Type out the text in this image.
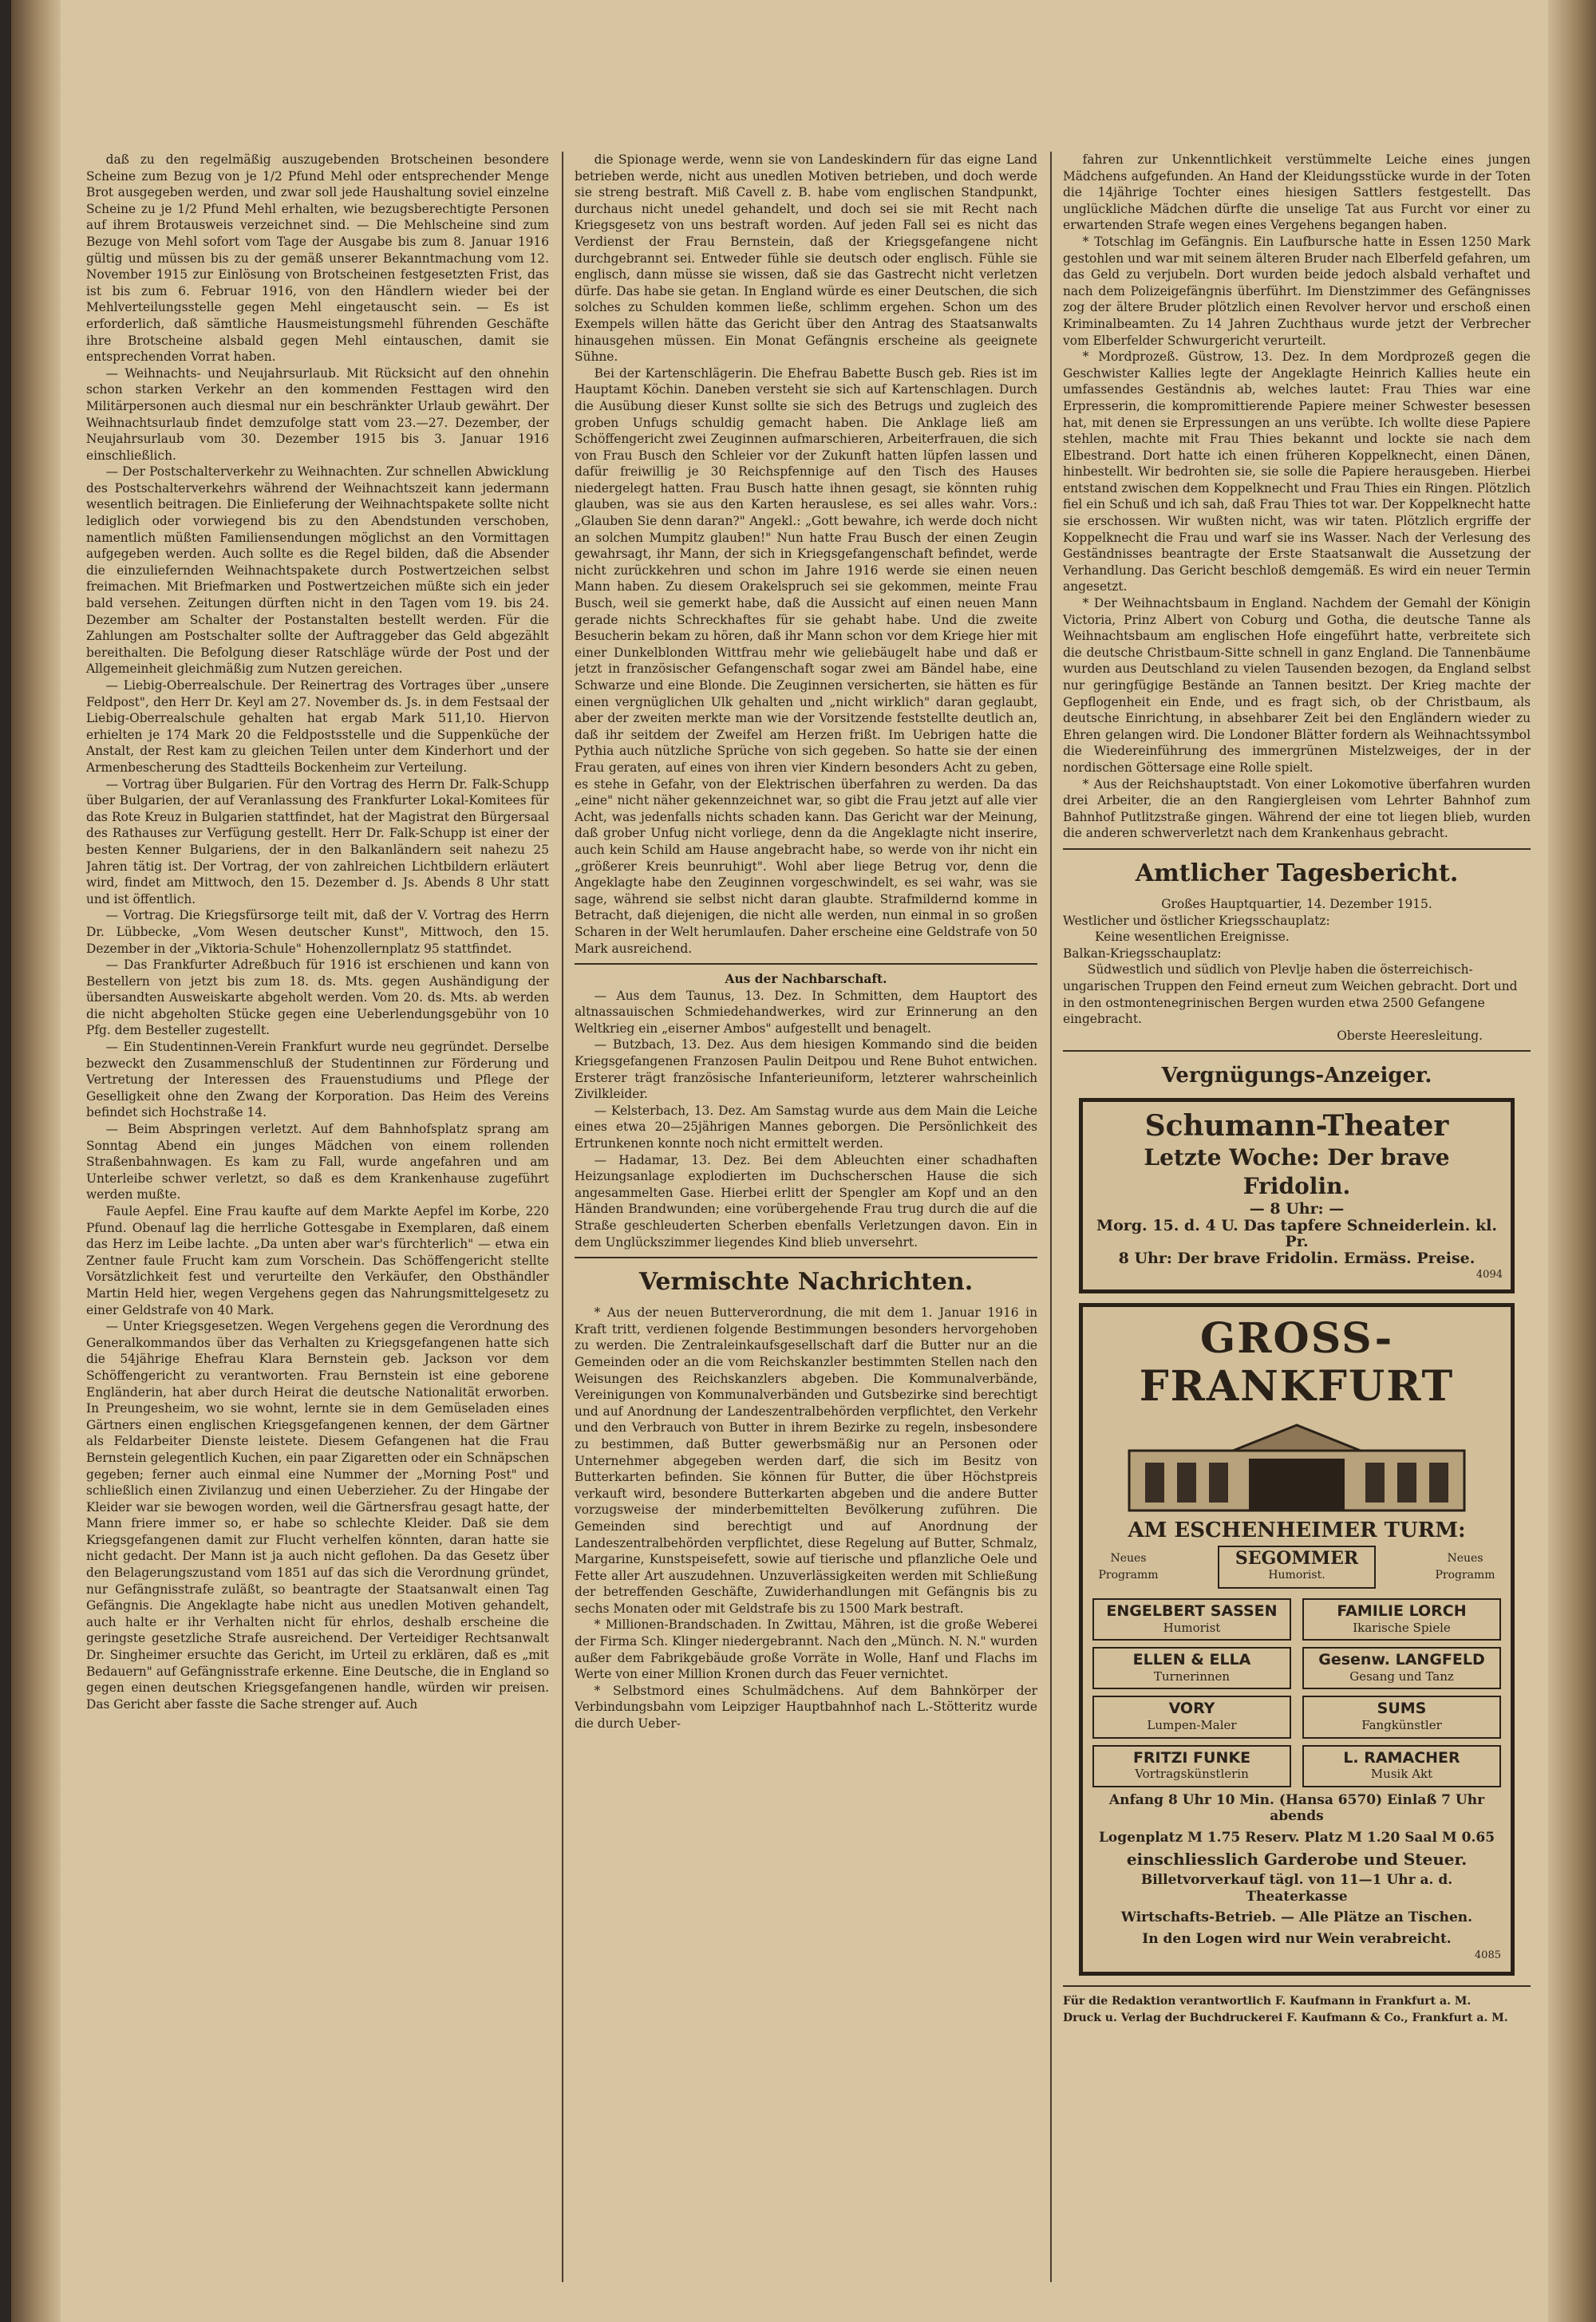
daß zu den regelmäßig auszugebenden Brotscheinen besondere Scheine zum Bezug von je 1/2 Pfund Mehl oder entsprechender Menge Brot ausgegeben werden, und zwar soll jede Haushaltung soviel einzelne Scheine zu je 1/2 Pfund Mehl erhalten, wie bezugsberechtigte Personen auf ihrem Brotausweis verzeichnet sind. — Die Mehlscheine sind zum Bezuge von Mehl sofort vom Tage der Ausgabe bis zum 8. Januar 1916 gültig und müssen bis zu der gemäß unserer Bekanntmachung vom 12. November 1915 zur Einlösung von Brotscheinen festgesetzten Frist, das ist bis zum 6. Februar 1916, von den Händlern wieder bei der Mehlverteilungsstelle gegen Mehl eingetauscht sein. — Es ist erforderlich, daß sämtliche Hausmeistungsmehl führenden Geschäfte ihre Brotscheine alsbald gegen Mehl eintauschen, damit sie entsprechenden Vorrat haben.

— Weihnachts- und Neujahrsurlaub. Mit Rücksicht auf den ohnehin schon starken Verkehr an den kommenden Festtagen wird den Militärpersonen auch diesmal nur ein beschränkter Urlaub gewährt. Der Weihnachtsurlaub findet demzufolge statt vom 23.—27. Dezember, der Neujahrsurlaub vom 30. Dezember 1915 bis 3. Januar 1916 einschließlich.

— Der Postschalterverkehr zu Weihnachten. Zur schnellen Abwicklung des Postschalterverkehrs während der Weihnachtszeit kann jedermann wesentlich beitragen. Die Einlieferung der Weihnachtspakete sollte nicht lediglich oder vorwiegend bis zu den Abendstunden verschoben, namentlich müßten Familiensendungen möglichst an den Vormittagen aufgegeben werden. Auch sollte es die Regel bilden, daß die Absender die einzuliefernden Weihnachtspakete durch Postwertzeichen selbst freimachen. Mit Briefmarken und Postwertzeichen müßte sich ein jeder bald versehen. Zeitungen dürften nicht in den Tagen vom 19. bis 24. Dezember am Schalter der Postanstalten bestellt werden. Für die Zahlungen am Postschalter sollte der Auftraggeber das Geld abgezählt bereithalten. Die Befolgung dieser Ratschläge würde der Post und der Allgemeinheit gleichmäßig zum Nutzen gereichen.

— Liebig-Oberrealschule. Der Reinertrag des Vortrages über „unsere Feldpost", den Herr Dr. Keyl am 27. November ds. Js. in dem Festsaal der Liebig-Oberrealschule gehalten hat ergab Mark 511,10. Hiervon erhielten je 174 Mark 20 die Feldpostsstelle und die Suppenküche der Anstalt, der Rest kam zu gleichen Teilen unter dem Kinderhort und der Armenbescherung des Stadtteils Bockenheim zur Verteilung.

— Vortrag über Bulgarien. Für den Vortrag des Herrn Dr. Falk-Schupp über Bulgarien, der auf Veranlassung des Frankfurter Lokal-Komitees für das Rote Kreuz in Bulgarien stattfindet, hat der Magistrat den Bürgersaal des Rathauses zur Verfügung gestellt. Herr Dr. Falk-Schupp ist einer der besten Kenner Bulgariens, der in den Balkanländern seit nahezu 25 Jahren tätig ist. Der Vortrag, der von zahlreichen Lichtbildern erläutert wird, findet am Mittwoch, den 15. Dezember d. Js. Abends 8 Uhr statt und ist öffentlich.

— Vortrag. Die Kriegsfürsorge teilt mit, daß der V. Vortrag des Herrn Dr. Lübbecke, „Vom Wesen deutscher Kunst", Mittwoch, den 15. Dezember in der „Viktoria-Schule" Hohenzollernplatz 95 stattfindet.

— Das Frankfurter Adreßbuch für 1916 ist erschienen und kann von Bestellern von jetzt bis zum 18. ds. Mts. gegen Aushändigung der übersandten Ausweiskarte abgeholt werden. Vom 20. ds. Mts. ab werden die nicht abgeholten Stücke gegen eine Ueberlendungsgebühr von 10 Pfg. dem Besteller zugestellt.

— Ein Studentinnen-Verein Frankfurt wurde neu gegründet. Derselbe bezweckt den Zusammenschluß der Studentinnen zur Förderung und Vertretung der Interessen des Frauenstudiums und Pflege der Geselligkeit ohne den Zwang der Korporation. Das Heim des Vereins befindet sich Hochstraße 14.

— Beim Abspringen verletzt. Auf dem Bahnhofsplatz sprang am Sonntag Abend ein junges Mädchen von einem rollenden Straßenbahnwagen. Es kam zu Fall, wurde angefahren und am Unterleibe schwer verletzt, so daß es dem Krankenhause zugeführt werden mußte.

Faule Aepfel. Eine Frau kaufte auf dem Markte Aepfel im Korbe, 220 Pfund. Obenauf lag die herrliche Gottesgabe in Exemplaren, daß einem das Herz im Leibe lachte. „Da unten aber war's fürchterlich" — etwa ein Zentner faule Frucht kam zum Vorschein. Das Schöffengericht stellte Vorsätzlichkeit fest und verurteilte den Verkäufer, den Obsthändler Martin Held hier, wegen Vergehens gegen das Nahrungsmittelgesetz zu einer Geldstrafe von 40 Mark.

— Unter Kriegsgesetzen. Wegen Vergehens gegen die Verordnung des Generalkommandos über das Verhalten zu Kriegsgefangenen hatte sich die 54jährige Ehefrau Klara Bernstein geb. Jackson vor dem Schöffengericht zu verantworten. Frau Bernstein ist eine geborene Engländerin, hat aber durch Heirat die deutsche Nationalität erworben. In Preungesheim, wo sie wohnt, lernte sie in dem Gemüseladen eines Gärtners einen englischen Kriegsgefangenen kennen, der dem Gärtner als Feldarbeiter Dienste leistete. Diesem Gefangenen hat die Frau Bernstein gelegentlich Kuchen, ein paar Zigaretten oder ein Schnäpschen gegeben; ferner auch einmal eine Nummer der „Morning Post" und schließlich einen Zivilanzug und einen Ueberzieher. Zu der Hingabe der Kleider war sie bewogen worden, weil die Gärtnersfrau gesagt hatte, der Mann friere immer so, er habe so schlechte Kleider. Daß sie dem Kriegsgefangenen damit zur Flucht verhelfen könnten, daran hatte sie nicht gedacht. Der Mann ist ja auch nicht geflohen. Da das Gesetz über den Belagerungszustand vom 1851 auf das sich die Verordnung gründet, nur Gefängnisstrafe zuläßt, so beantragte der Staatsanwalt einen Tag Gefängnis. Die Angeklagte habe nicht aus unedlen Motiven gehandelt, auch halte er ihr Verhalten nicht für ehrlos, deshalb erscheine die geringste gesetzliche Strafe ausreichend. Der Verteidiger Rechtsanwalt Dr. Singheimer ersuchte das Gericht, im Urteil zu erklären, daß es „mit Bedauern" auf Gefängnisstrafe erkenne. Eine Deutsche, die in England so gegen einen deutschen Kriegsgefangenen handle, würden wir preisen. Das Gericht aber fasste die Sache strenger auf. Auch

die Spionage werde, wenn sie von Landeskindern für das eigne Land betrieben werde, nicht aus unedlen Motiven betrieben, und doch werde sie streng bestraft. Miß Cavell z. B. habe vom englischen Standpunkt, durchaus nicht unedel gehandelt, und doch sei sie mit Recht nach Kriegsgesetz von uns bestraft worden. Auf jeden Fall sei es nicht das Verdienst der Frau Bernstein, daß der Kriegsgefangene nicht durchgebrannt sei. Entweder fühle sie deutsch oder englisch. Fühle sie englisch, dann müsse sie wissen, daß sie das Gastrecht nicht verletzen dürfe. Das habe sie getan. In England würde es einer Deutschen, die sich solches zu Schulden kommen ließe, schlimm ergehen. Schon um des Exempels willen hätte das Gericht über den Antrag des Staatsanwalts hinausgehen müssen. Ein Monat Gefängnis erscheine als geeignete Sühne.

Bei der Kartenschlägerin. Die Ehefrau Babette Busch geb. Ries ist im Hauptamt Köchin. Daneben versteht sie sich auf Kartenschlagen. Durch die Ausübung dieser Kunst sollte sie sich des Betrugs und zugleich des groben Unfugs schuldig gemacht haben. Die Anklage ließ am Schöffengericht zwei Zeuginnen aufmarschieren, Arbeiterfrauen, die sich von Frau Busch den Schleier vor der Zukunft hatten lüpfen lassen und dafür freiwillig je 30 Reichspfennige auf den Tisch des Hauses niedergelegt hatten. Frau Busch hatte ihnen gesagt, sie könnten ruhig glauben, was sie aus den Karten herauslese, es sei alles wahr. Vors.: „Glauben Sie denn daran?" Angekl.: „Gott bewahre, ich werde doch nicht an solchen Mumpitz glauben!" Nun hatte Frau Busch der einen Zeugin gewahrsagt, ihr Mann, der sich in Kriegsgefangenschaft befindet, werde nicht zurückkehren und schon im Jahre 1916 werde sie einen neuen Mann haben. Zu diesem Orakelspruch sei sie gekommen, meinte Frau Busch, weil sie gemerkt habe, daß die Aussicht auf einen neuen Mann gerade nichts Schreckhaftes für sie gehabt habe. Und die zweite Besucherin bekam zu hören, daß ihr Mann schon vor dem Kriege hier mit einer Dunkelblonden Wittfrau mehr wie geliebäugelt habe und daß er jetzt in französischer Gefangenschaft sogar zwei am Bändel habe, eine Schwarze und eine Blonde. Die Zeuginnen versicherten, sie hätten es für einen vergnüglichen Ulk gehalten und „nicht wirklich" daran geglaubt, aber der zweiten merkte man wie der Vorsitzende feststellte deutlich an, daß ihr seitdem der Zweifel am Herzen frißt. Im Uebrigen hatte die Pythia auch nützliche Sprüche von sich gegeben. So hatte sie der einen Frau geraten, auf eines von ihren vier Kindern besonders Acht zu geben, es stehe in Gefahr, von der Elektrischen überfahren zu werden. Da das „eine" nicht näher gekennzeichnet war, so gibt die Frau jetzt auf alle vier Acht, was jedenfalls nichts schaden kann. Das Gericht war der Meinung, daß grober Unfug nicht vorliege, denn da die Angeklagte nicht inserire, auch kein Schild am Hause angebracht habe, so werde von ihr nicht ein „größerer Kreis beunruhigt". Wohl aber liege Betrug vor, denn die Angeklagte habe den Zeuginnen vorgeschwindelt, es sei wahr, was sie sage, während sie selbst nicht daran glaubte. Strafmildernd komme in Betracht, daß diejenigen, die nicht alle werden, nun einmal in so großen Scharen in der Welt herumlaufen. Daher erscheine eine Geldstrafe von 50 Mark ausreichend.

Aus der Nachbarschaft.

— Aus dem Taunus, 13. Dez. In Schmitten, dem Hauptort des altnassauischen Schmiedehandwerkes, wird zur Erinnerung an den Weltkrieg ein „eiserner Ambos" aufgestellt und benagelt.

— Butzbach, 13. Dez. Aus dem hiesigen Kommando sind die beiden Kriegsgefangenen Franzosen Paulin Deitpou und Rene Buhot entwichen. Ersterer trägt französische Infanterieuniform, letzterer wahrscheinlich Zivilkleider.

— Kelsterbach, 13. Dez. Am Samstag wurde aus dem Main die Leiche eines etwa 20—25jährigen Mannes geborgen. Die Persönlichkeit des Ertrunkenen konnte noch nicht ermittelt werden.

— Hadamar, 13. Dez. Bei dem Ableuchten einer schadhaften Heizungsanlage explodierten im Duchscherschen Hause die sich angesammelten Gase. Hierbei erlitt der Spengler am Kopf und an den Händen Brandwunden; eine vorübergehende Frau trug durch die auf die Straße geschleuderten Scherben ebenfalls Verletzungen davon. Ein in dem Unglückszimmer liegendes Kind blieb unversehrt.

Vermischte Nachrichten.

* Aus der neuen Butterverordnung, die mit dem 1. Januar 1916 in Kraft tritt, verdienen folgende Bestimmungen besonders hervorgehoben zu werden. Die Zentraleinkaufsgesellschaft darf die Butter nur an die Gemeinden oder an die vom Reichskanzler bestimmten Stellen nach den Weisungen des Reichskanzlers abgeben. Die Kommunalverbände, Vereinigungen von Kommunalverbänden und Gutsbezirke sind berechtigt und auf Anordnung der Landeszentralbehörden verpflichtet, den Verkehr und den Verbrauch von Butter in ihrem Bezirke zu regeln, insbesondere zu bestimmen, daß Butter gewerbsmäßig nur an Personen oder Unternehmer abgegeben werden darf, die sich im Besitz von Butterkarten befinden. Sie können für Butter, die über Höchstpreis verkauft wird, besondere Butterkarten abgeben und die andere Butter vorzugsweise der minderbemittelten Bevölkerung zuführen. Die Gemeinden sind berechtigt und auf Anordnung der Landeszentralbehörden verpflichtet, diese Regelung auf Butter, Schmalz, Margarine, Kunstspeisefett, sowie auf tierische und pflanzliche Oele und Fette aller Art auszudehnen. Unzuverlässigkeiten werden mit Schließung der betreffenden Geschäfte, Zuwiderhandlungen mit Gefängnis bis zu sechs Monaten oder mit Geldstrafe bis zu 1500 Mark bestraft.

* Millionen-Brandschaden. In Zwittau, Mähren, ist die große Weberei der Firma Sch. Klinger niedergebrannt. Nach den „Münch. N. N." wurden außer dem Fabrikgebäude große Vorräte in Wolle, Hanf und Flachs im Werte von einer Million Kronen durch das Feuer vernichtet.

* Selbstmord eines Schulmädchens. Auf dem Bahnkörper der Verbindungsbahn vom Leipziger Hauptbahnhof nach L.-Stötteritz wurde die durch Ueber-

fahren zur Unkenntlichkeit verstümmelte Leiche eines jungen Mädchens aufgefunden. An Hand der Kleidungsstücke wurde in der Toten die 14jährige Tochter eines hiesigen Sattlers festgestellt. Das unglückliche Mädchen dürfte die unselige Tat aus Furcht vor einer zu erwartenden Strafe wegen eines Vergehens begangen haben.

* Totschlag im Gefängnis. Ein Laufbursche hatte in Essen 1250 Mark gestohlen und war mit seinem älteren Bruder nach Elberfeld gefahren, um das Geld zu verjubeln. Dort wurden beide jedoch alsbald verhaftet und nach dem Polizeigefängnis überführt. Im Dienstzimmer des Gefängnisses zog der ältere Bruder plötzlich einen Revolver hervor und erschoß einen Kriminalbeamten. Zu 14 Jahren Zuchthaus wurde jetzt der Verbrecher vom Elberfelder Schwurgericht verurteilt.

* Mordprozeß. Güstrow, 13. Dez. In dem Mordprozeß gegen die Geschwister Kallies legte der Angeklagte Heinrich Kallies heute ein umfassendes Geständnis ab, welches lautet: Frau Thies war eine Erpresserin, die kompromittierende Papiere meiner Schwester besessen hat, mit denen sie Erpressungen an uns verübte. Ich wollte diese Papiere stehlen, machte mit Frau Thies bekannt und lockte sie nach dem Elbestrand. Dort hatte ich einen früheren Koppelknecht, einen Dänen, hinbestellt. Wir bedrohten sie, sie solle die Papiere herausgeben. Hierbei entstand zwischen dem Koppelknecht und Frau Thies ein Ringen. Plötzlich fiel ein Schuß und ich sah, daß Frau Thies tot war. Der Koppelknecht hatte sie erschossen. Wir wußten nicht, was wir taten. Plötzlich ergriffe der Koppelknecht die Frau und warf sie ins Wasser. Nach der Verlesung des Geständnisses beantragte der Erste Staatsanwalt die Aussetzung der Verhandlung. Das Gericht beschloß demgemäß. Es wird ein neuer Termin angesetzt.

* Der Weihnachtsbaum in England. Nachdem der Gemahl der Königin Victoria, Prinz Albert von Coburg und Gotha, die deutsche Tanne als Weihnachtsbaum am englischen Hofe eingeführt hatte, verbreitete sich die deutsche Christbaum-Sitte schnell in ganz England. Die Tannenbäume wurden aus Deutschland zu vielen Tausenden bezogen, da England selbst nur geringfügige Bestände an Tannen besitzt. Der Krieg machte der Gepflogenheit ein Ende, und es fragt sich, ob der Christbaum, als deutsche Einrichtung, in absehbarer Zeit bei den Engländern wieder zu Ehren gelangen wird. Die Londoner Blätter fordern als Weihnachtssymbol die Wiedereinführung des immergrünen Mistelzweiges, der in der nordischen Göttersage eine Rolle spielt.

* Aus der Reichshauptstadt. Von einer Lokomotive überfahren wurden drei Arbeiter, die an den Rangiergleisen vom Lehrter Bahnhof zum Bahnhof Putlitzstraße gingen. Während der eine tot liegen blieb, wurden die anderen schwerverletzt nach dem Krankenhaus gebracht.

Amtlicher Tagesbericht.

Großes Hauptquartier, 14. Dezember 1915.

Westlicher und östlicher Kriegsschauplatz:

Keine wesentlichen Ereignisse.

Balkan-Kriegsschauplatz:

Südwestlich und südlich von Plevlje haben die österreichisch-ungarischen Truppen den Feind erneut zum Weichen gebracht. Dort und in den ostmontenegrinischen Bergen wurden etwa 2500 Gefangene eingebracht.

Oberste Heeresleitung.

Vergnügungs-Anzeiger.
Schumann-Theater
Letzte Woche: Der brave Fridolin.
— 8 Uhr: —
Morg. 15. d. 4 U. Das tapfere Schneiderlein. kl. Pr.
8 Uhr: Der brave Fridolin. Ermäss. Preise.
4094
GROSS-FRANKFURT
AM ESCHENHEIMER TURM:
Neues Programm
SEGOMMER
Humorist.
Neues Programm
ENGELBERT SASSEN
Humorist
FAMILIE LORCH
Ikarische Spiele
ELLEN & ELLA
Turnerinnen
Gesenw. LANGFELD
Gesang und Tanz
VORY
Lumpen-Maler
SUMS
Fangkünstler
FRITZI FUNKE
Vortragskünstlerin
L. RAMACHER
Musik Akt
Anfang 8 Uhr 10 Min. (Hansa 6570) Einlaß 7 Uhr abends
Logenplatz M 1.75 Reserv. Platz M 1.20 Saal M 0.65
einschliesslich Garderobe und Steuer.
Billetvorverkauf tägl. von 11—1 Uhr a. d. Theaterkasse
Wirtschafts-Betrieb. — Alle Plätze an Tischen.
In den Logen wird nur Wein verabreicht.
4085

Für die Redaktion verantwortlich F. Kaufmann in Frankfurt a. M.

Druck u. Verlag der Buchdruckerei F. Kaufmann & Co., Frankfurt a. M.
